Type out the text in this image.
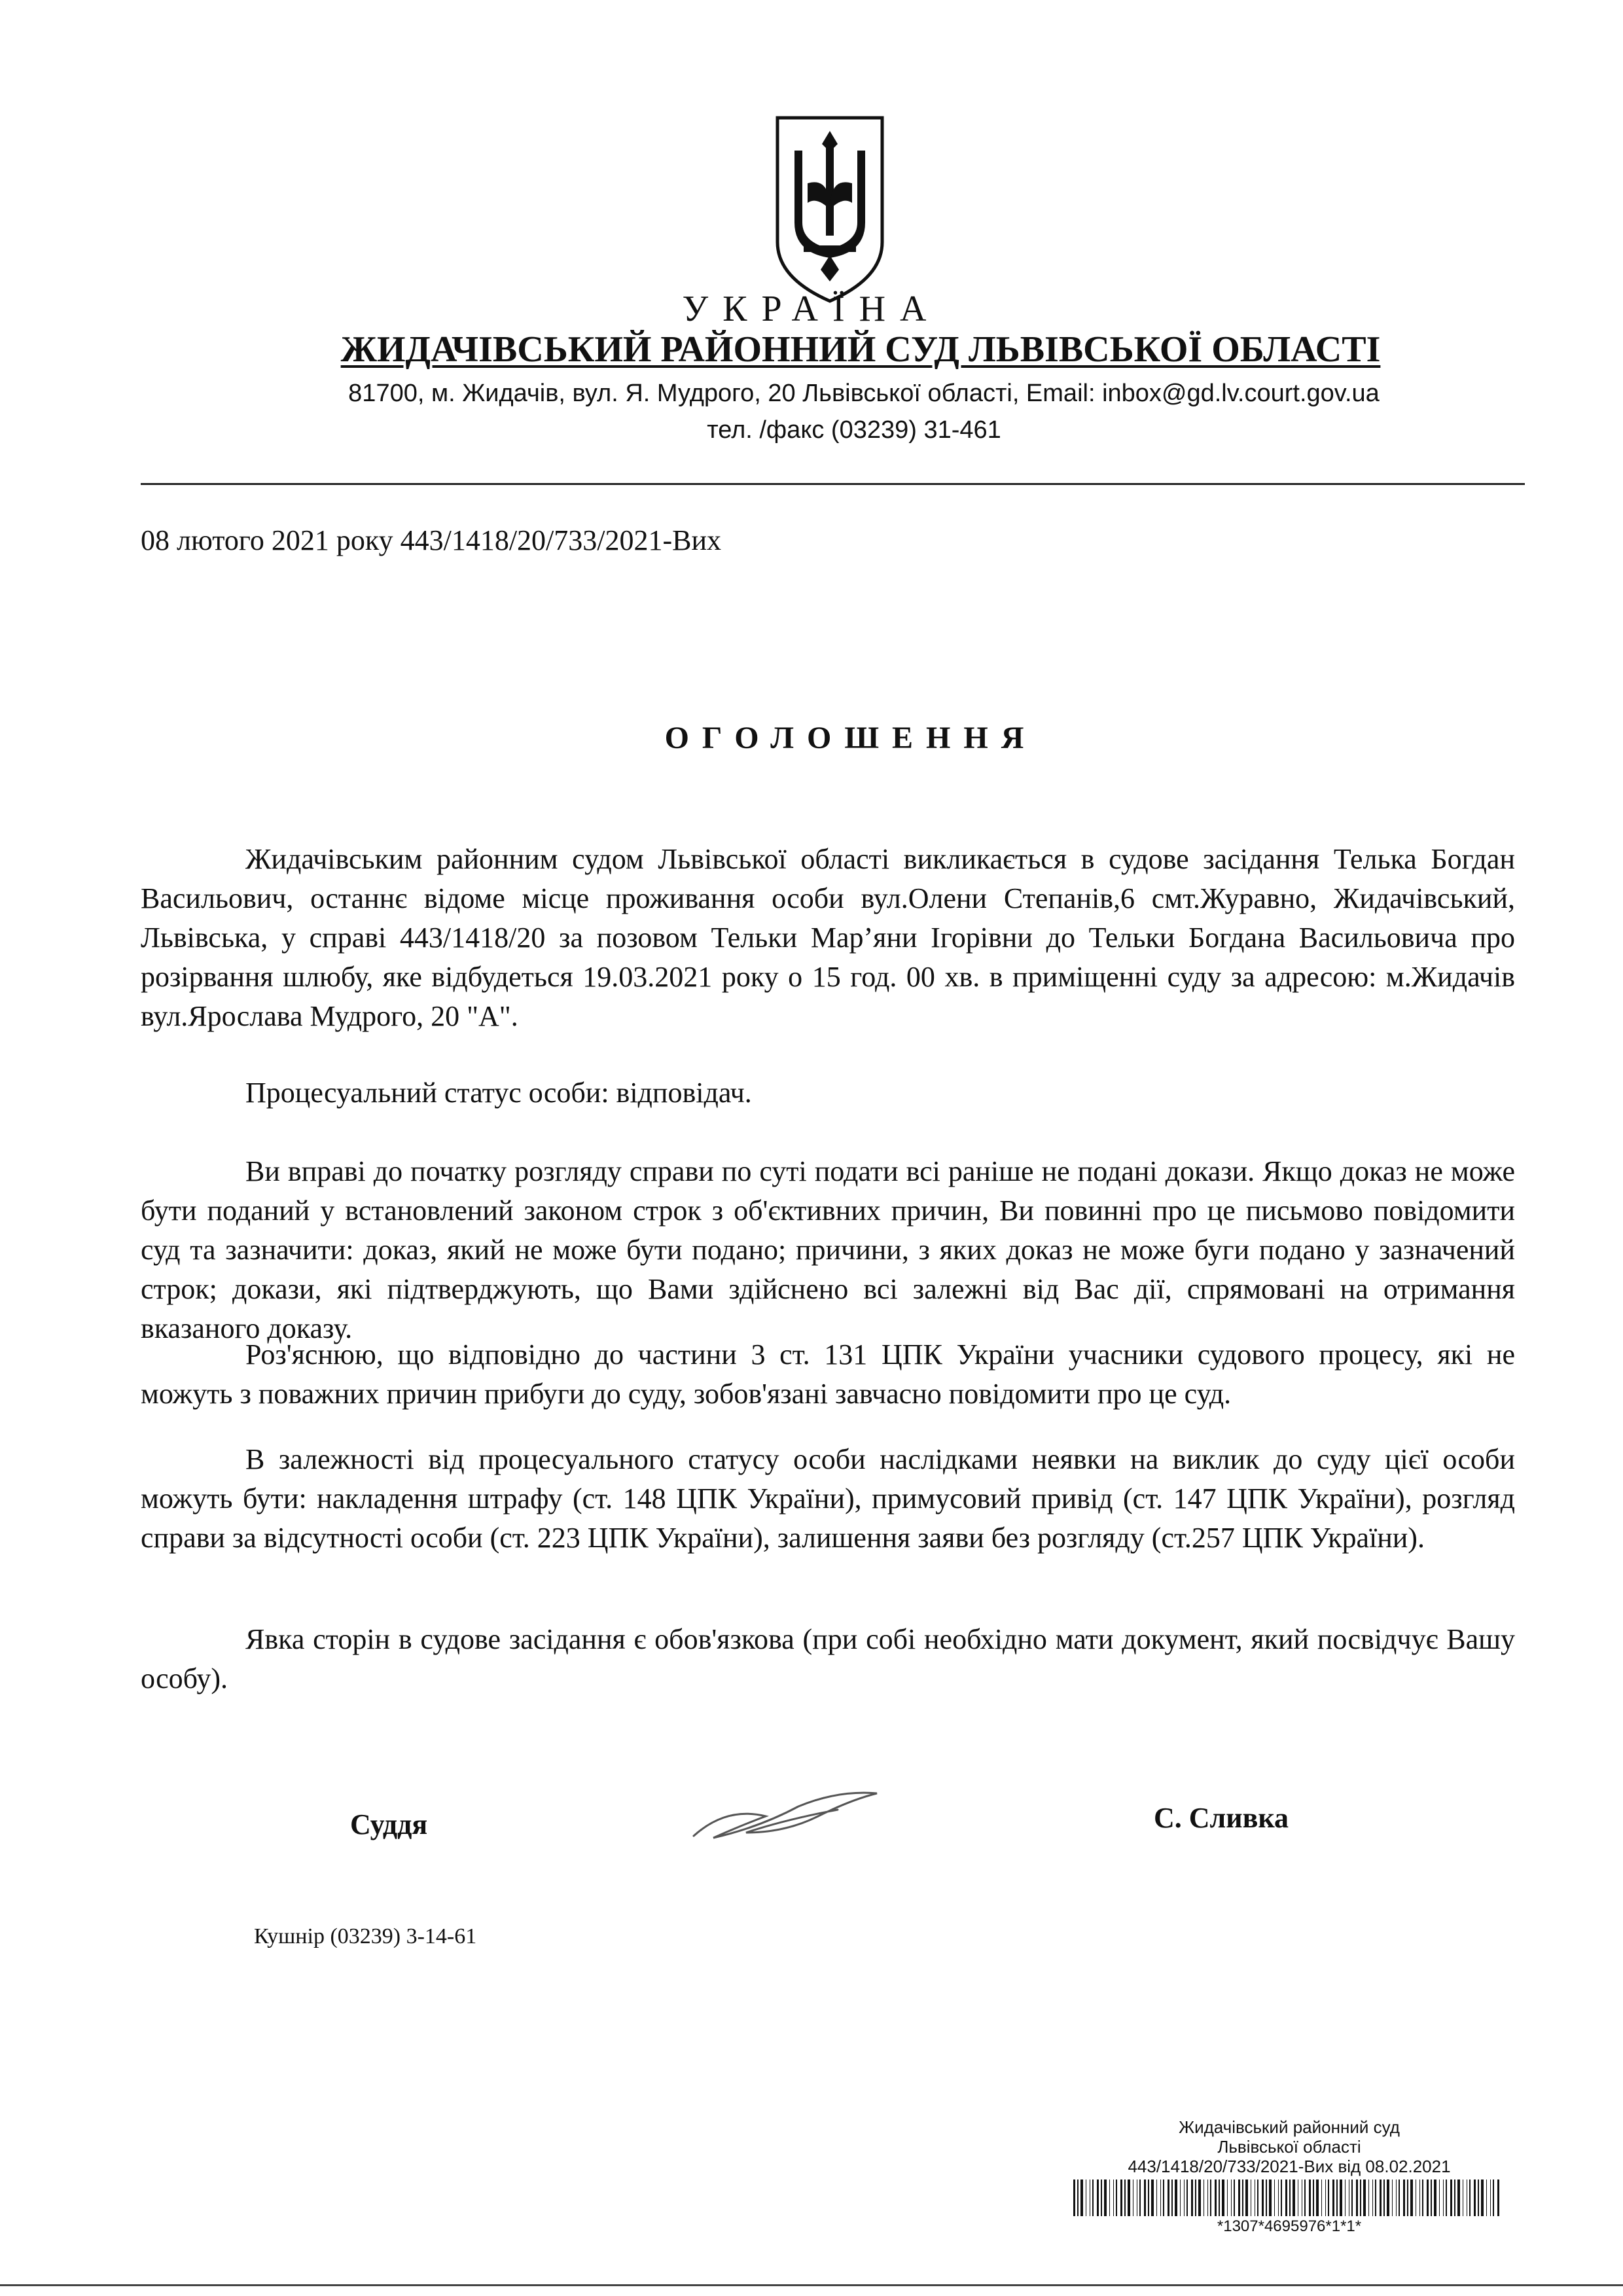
УКРАЇНА
ЖИДАЧІВСЬКИЙ РАЙОННИЙ СУД ЛЬВІВСЬКОЇ ОБЛАСТІ
81700, м. Жидачів, вул. Я. Мудрого, 20 Львівської області, Email: inbox@gd.lv.court.gov.ua
тел. /факс (03239) 31-461
08 лютого 2021 року 443/1418/20/733/2021-Вих
ОГОЛОШЕННЯ

Жидачівським районним судом Львівської області викликається в судове засідання Телька Богдан Васильович, останнє відоме місце проживання особи вул.Олени Степанів,6 смт.Журавно, Жидачівський, Львівська, у справі 443/1418/20 за позовом Тельки Мар’яни Ігорівни до Тельки Богдана Васильовича про розірвання шлюбу, яке відбудеться 19.03.2021 року о 15 год. 00 хв. в приміщенні суду за адресою: м.Жидачів вул.Ярослава Мудрого, 20 "А".

Процесуальний статус особи: відповідач.

Ви вправі до початку розгляду справи по суті подати всі раніше не подані докази. Якщо доказ не може бути поданий у встановлений законом строк з об'єктивних причин, Ви повинні про це письмово повідомити суд та зазначити: доказ, який не може бути подано; причини, з яких доказ не може буги подано у зазначений строк; докази, які підтверджують, що Вами здійснено всі залежні від Вас дії, спрямовані на отримання вказаного доказу.

Роз'яснюю, що відповідно до частини 3 ст. 131 ЦПК України учасники судового процесу, які не можуть з поважних причин прибуги до суду, зобов'язані завчасно повідомити про це суд.

В залежності від процесуального статусу особи наслідками неявки на виклик до суду цієї особи можуть бути: накладення штрафу (ст. 148 ЦПК України), примусовий привід (ст. 147 ЦПК України), розгляд справи за відсутності особи (ст. 223 ЦПК України), залишення заяви без розгляду (ст.257 ЦПК України).

Явка сторін в судове засідання є обов'язкова (при собі необхідно мати документ, який посвідчує Вашу особу).

Суддя	С. Сливка
Кушнір (03239) 3-14-61
Жидачівський районний суд
Львівської області
443/1418/20/733/2021-Вих від 08.02.2021
*1307*4695976*1*1*
